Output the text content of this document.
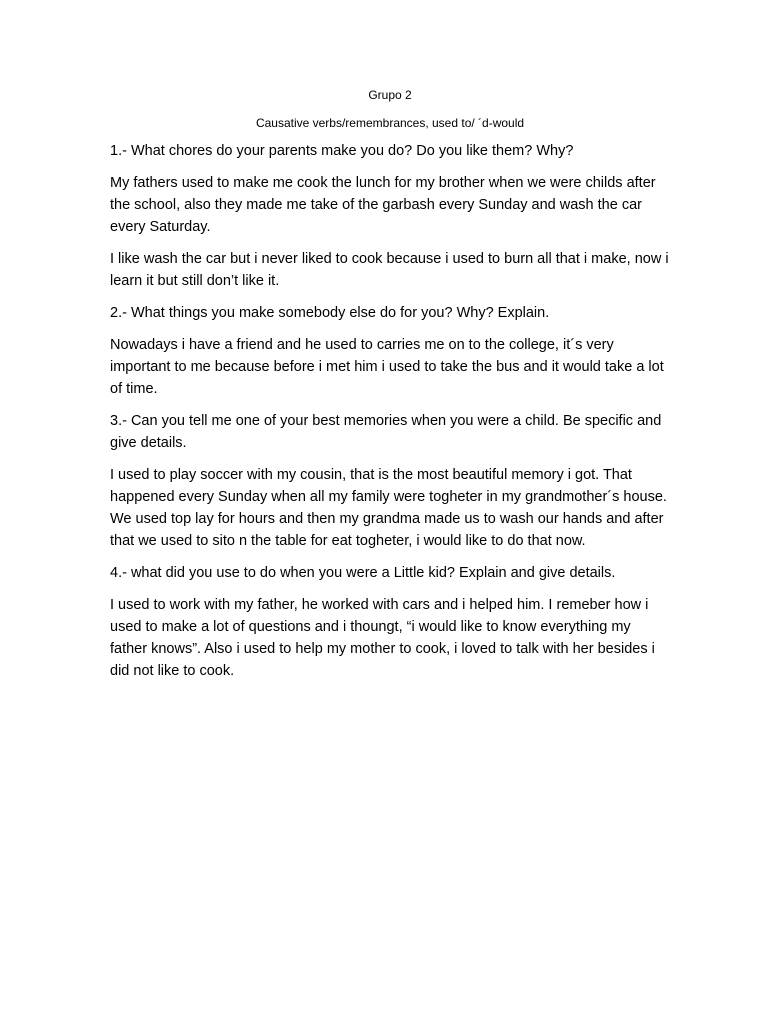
Grupo 2

Causative verbs/remembrances, used to/ ´d-would

1.- What chores do your parents make you do? Do you like them? Why?

My fathers used to make me cook the lunch for my brother when we were childs after the school, also they made me take of the garbash every Sunday and wash the car every Saturday.

I like wash the car but i never liked to cook because i used to burn all that i make, now i learn it but still don’t like it.

2.- What things you make somebody else do for you? Why? Explain.

Nowadays i have a friend and he used to carries me on to the college, it´s very important to me because before i met him i used to take the bus and it would take a lot of time.

3.- Can you tell me one of your best memories when you were a child. Be specific and give details.

I used to play soccer with my cousin, that is the most beautiful memory i got. That happened every Sunday when all my family were togheter in my grandmother´s house. We used top lay for hours and then my grandma made us to wash our hands and after that we used to sito n the table for eat togheter, i would like to do that now.

4.- what did you use to do when you were a Little kid? Explain and give details.

I used to work with my father, he worked with cars and i helped him. I remeber how i used to make a lot of questions and i thoungt, “i would like to know everything my father knows”. Also i used to help my mother to cook, i loved to talk with her besides i did not like to cook.
